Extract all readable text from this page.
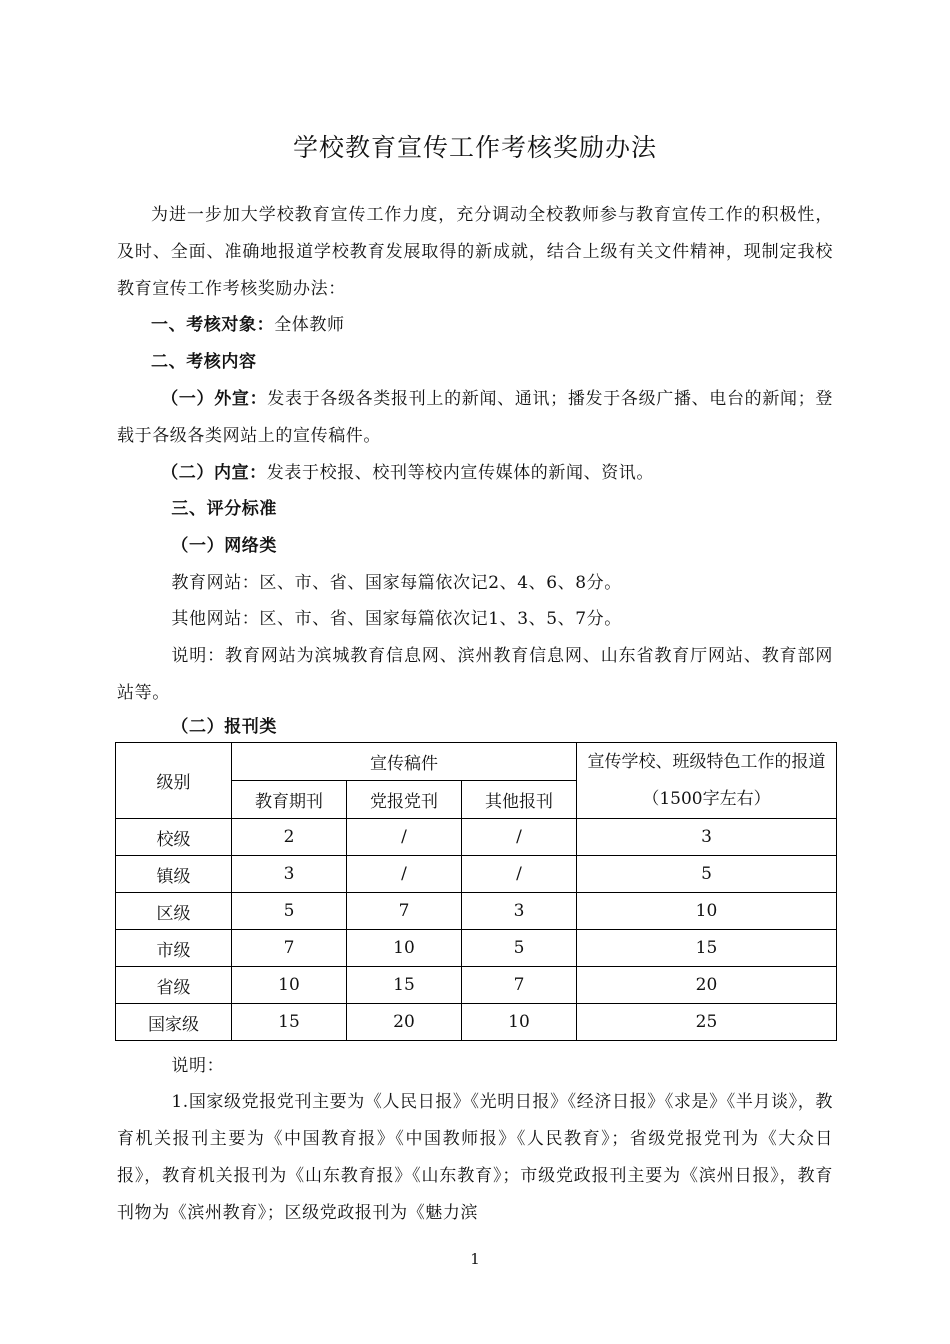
学校教育宣传工作考核奖励办法

为进一步加大学校教育宣传工作力度，充分调动全校教师参与教育宣传工作的积极性，及时、全面、准确地报道学校教育发展取得的新成就，结合上级有关文件精神，现制定我校教育宣传工作考核奖励办法：

一、考核对象：全体教师

二、考核内容

（一）外宣：发表于各级各类报刊上的新闻、通讯；播发于各级广播、电台的新闻；登载于各级各类网站上的宣传稿件。

（二）内宣：发表于校报、校刊等校内宣传媒体的新闻、资讯。

三、评分标准

（一）网络类

教育网站：区、市、省、国家每篇依次记2、4、6、8分。

其他网站：区、市、省、国家每篇依次记1、3、5、7分。

说明：教育网站为滨城教育信息网、滨州教育信息网、山东省教育厅网站、教育部网站等。

（二）报刊类

级别	宣传稿件			宣传学校、班级特色工作的报道（1500字左右）
	教育期刊	党报党刊	其他报刊	
校级	2	/	/	3
镇级	3	/	/	5
区级	5	7	3	10
市级	7	10	5	15
省级	10	15	7	20
国家级	15	20	10	25

说明：

1.国家级党报党刊主要为《人民日报》《光明日报》《经济日报》《求是》《半月谈》，教育机关报刊主要为《中国教育报》《中国教师报》《人民教育》；省级党报党刊为《大众日报》，教育机关报刊为《山东教育报》《山东教育》；市级党政报刊主要为《滨州日报》，教育刊物为《滨州教育》；区级党政报刊为《魅力滨

1
